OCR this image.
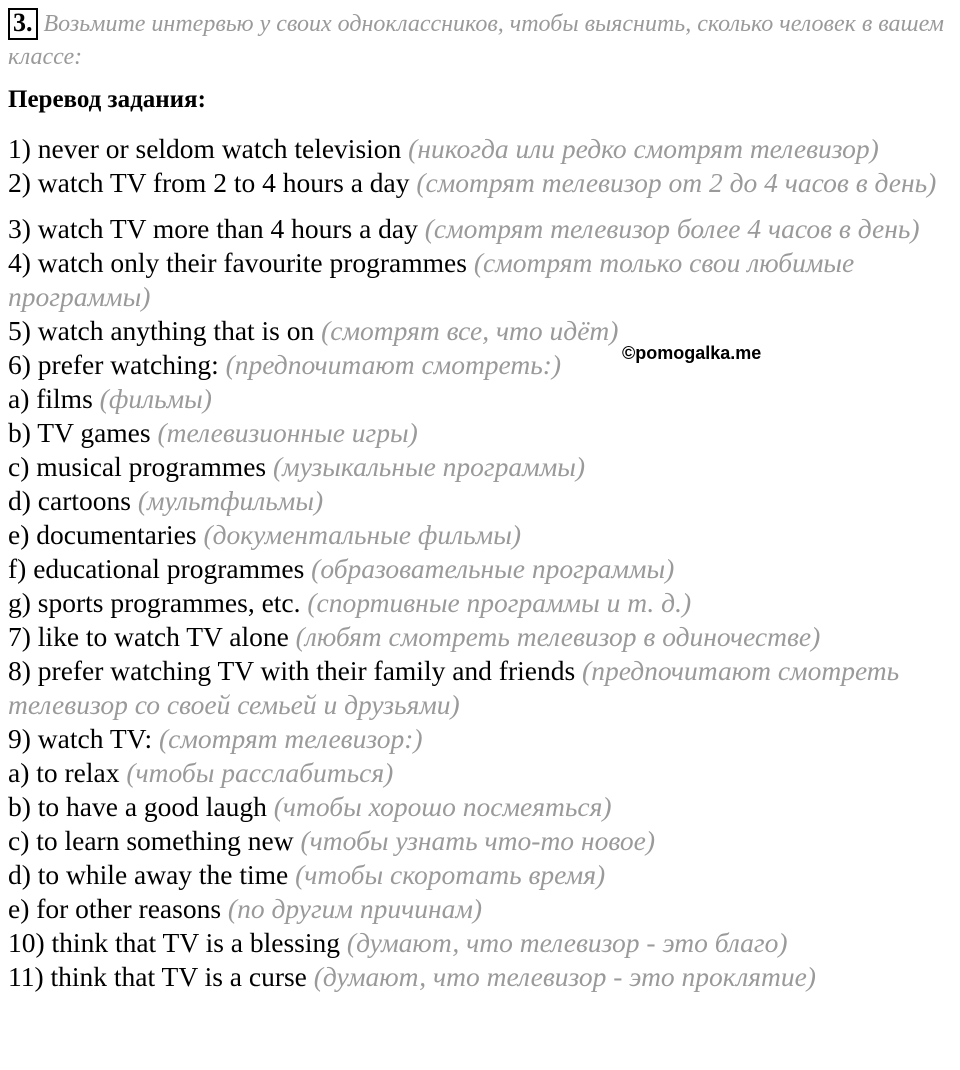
3. Возьмите интервью у своих одноклассников, чтобы выяснить, сколько человек в вашем классе:
Перевод задания:
1) never or seldom watch television (никогда или редко смотрят телевизор)
2) watch TV from 2 to 4 hours a day (смотрят телевизор от 2 до 4 часов в день)
3) watch TV more than 4 hours a day (смотрят телевизор более 4 часов в день)
4) watch only their favourite programmes (смотрят только свои любимые программы)
5) watch anything that is on (смотрят все, что идёт)
6) prefer watching: (предпочитают смотреть:)
a) films (фильмы)
b) TV games (телевизионные игры)
c) musical programmes (музыкальные программы)
d) cartoons (мультфильмы)
e) documentaries (документальные фильмы)
f) educational programmes (образовательные программы)
g) sports programmes, etc. (спортивные программы и т. д.)
7) like to watch TV alone (любят смотреть телевизор в одиночестве)
8) prefer watching TV with their family and friends (предпочитают смотреть телевизор со своей семьей и друзьями)
9) watch TV: (смотрят телевизор:)
a) to relax (чтобы расслабиться)
b) to have a good laugh (чтобы хорошо посмеяться)
c) to learn something new (чтобы узнать что-то новое)
d) to while away the time (чтобы скоротать время)
e) for other reasons (по другим причинам)
10) think that TV is a blessing (думают, что телевизор - это благо)
11) think that TV is a curse (думают, что телевизор - это проклятие)
©pomogalka.me
